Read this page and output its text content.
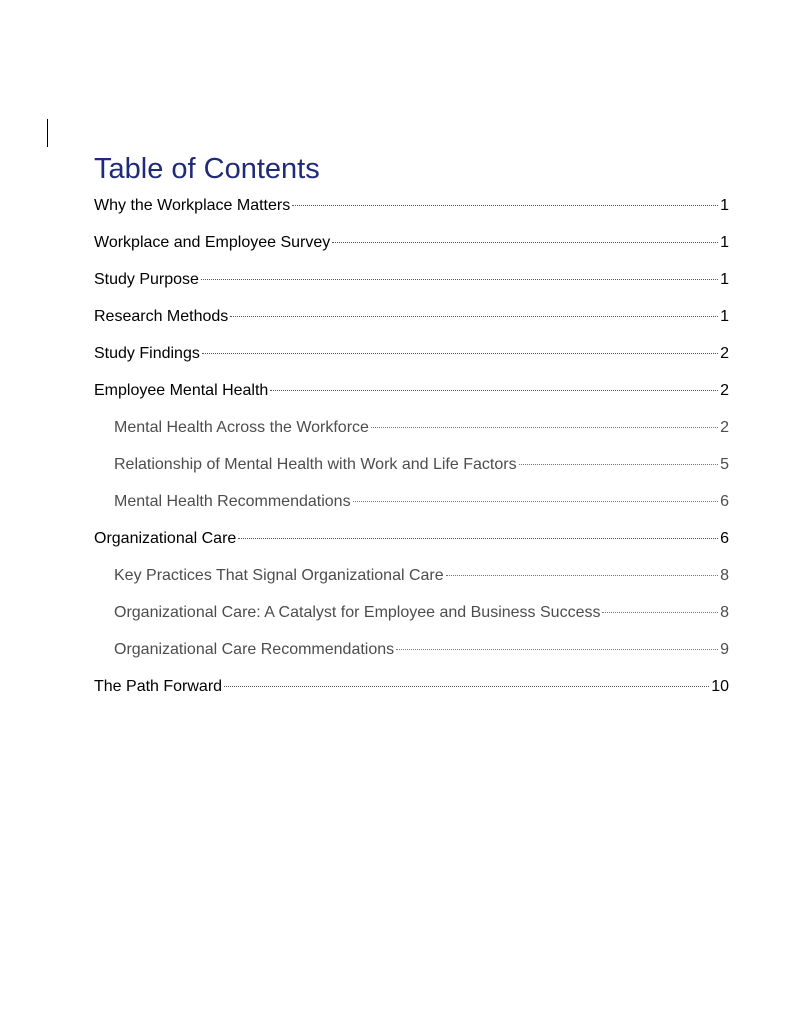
Table of Contents
Why the Workplace Matters	1
Workplace and Employee Survey	1
Study Purpose	1
Research Methods	1
Study Findings	2
Employee Mental Health	2
Mental Health Across the Workforce	2
Relationship of Mental Health with Work and Life Factors	5
Mental Health Recommendations	6
Organizational Care	6
Key Practices That Signal Organizational Care	8
Organizational Care: A Catalyst for Employee and Business Success	8
Organizational Care Recommendations	9
The Path Forward	10
